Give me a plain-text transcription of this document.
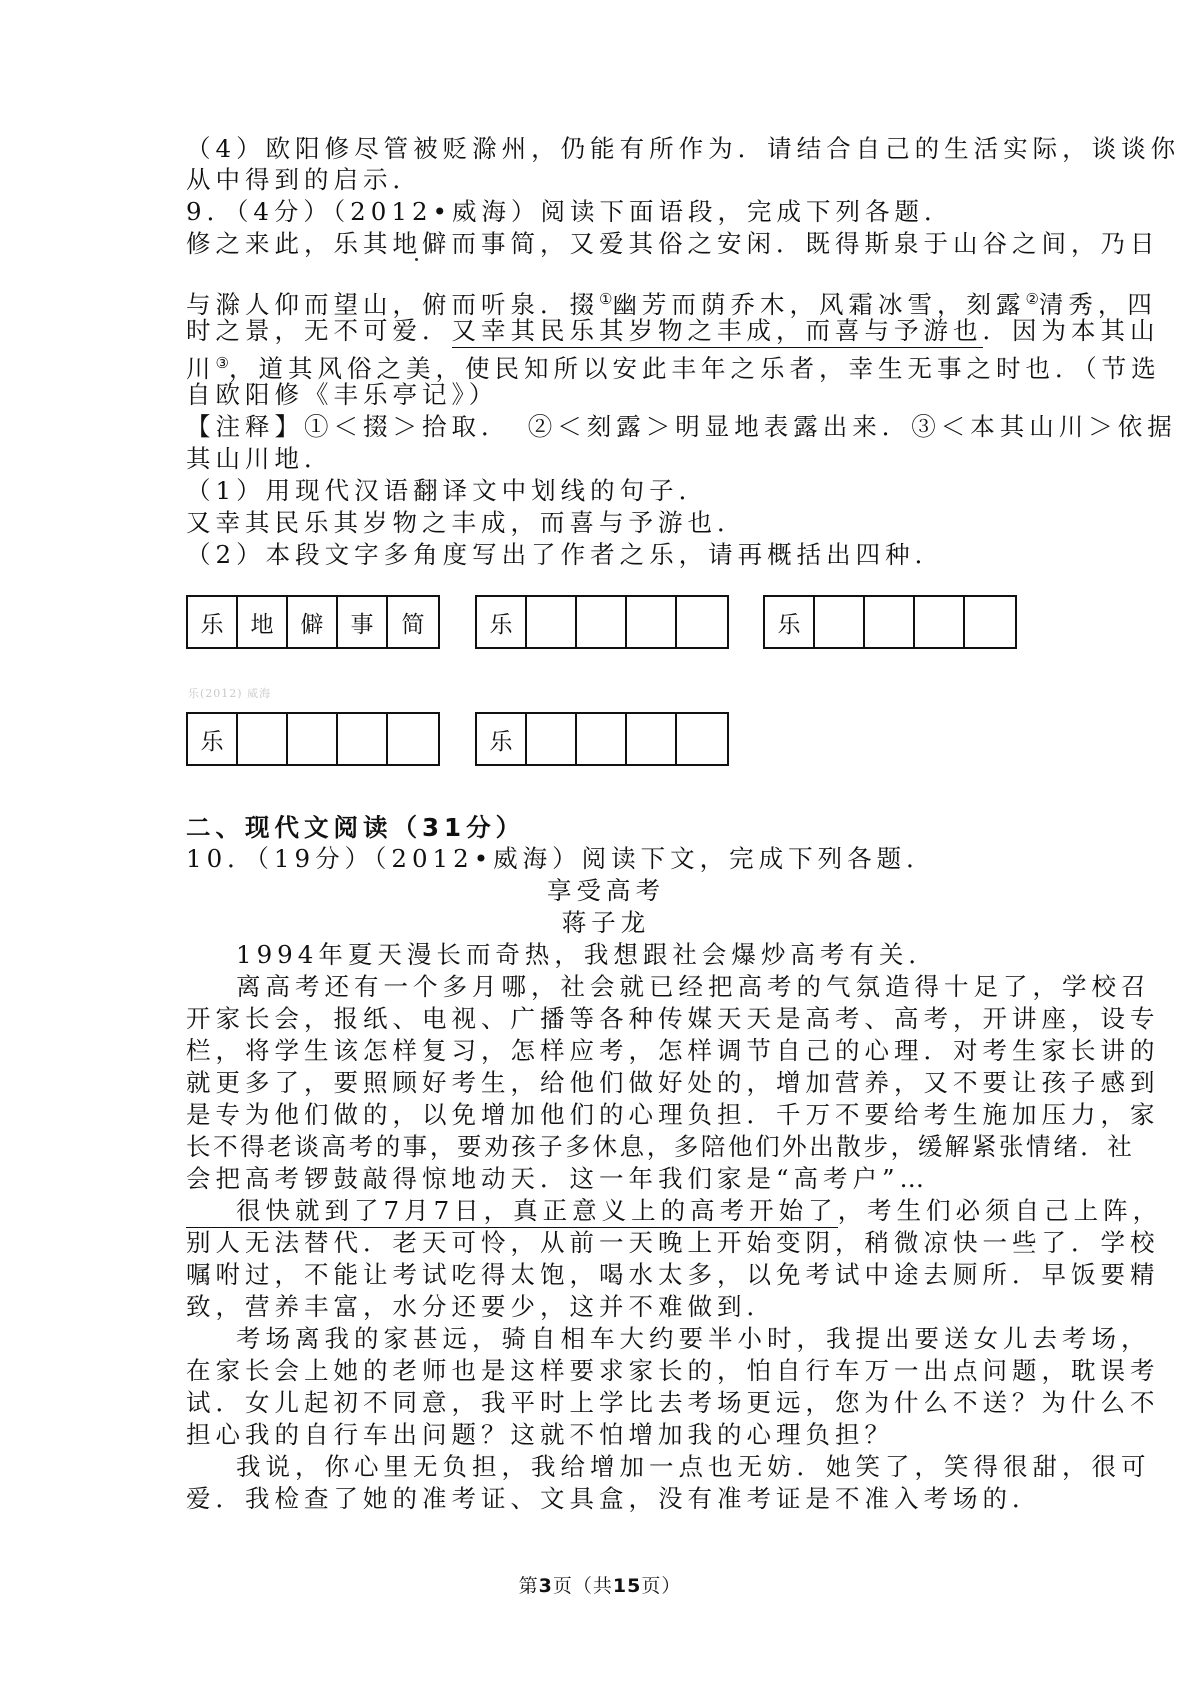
（4）欧阳修尽管被贬滁州，仍能有所作为．请结合自己的生活实际，谈谈你
从中得到的启示．
9．（4分）（2012•威海）阅读下面语段，完成下列各题．
修之来此，乐其地僻而事简，又爱其俗之安闲．既得斯泉于山谷之间，乃日
与滁人仰而望山，俯而听泉．掇①幽芳而荫乔木，风霜冰雪，刻露②清秀，四
时之景，无不可爱．又幸其民乐其岁物之丰成，而喜与予游也．因为本其山
川③，道其风俗之美，使民知所以安此丰年之乐者，幸生无事之时也．（节选
自欧阳修《丰乐亭记》）
【注释】①＜掇＞拾取．　②＜刻露＞明显地表露出来．③＜本其山川＞依据
其山川地．
（1）用现代汉语翻译文中划线的句子．
又幸其民乐其岁物之丰成，而喜与予游也．
（2）本段文字多角度写出了作者之乐，请再概括出四种．
乐	地	僻	事	简	乐	乐
乐(2012) 威海
乐	乐
二、现代文阅读（31分）
10．（19分）（2012•威海）阅读下文，完成下列各题．
享受高考
蒋子龙
1994年夏天漫长而奇热，我想跟社会爆炒高考有关．
离高考还有一个多月哪，社会就已经把高考的气氛造得十足了，学校召
开家长会，报纸、电视、广播等各种传媒天天是高考、高考，开讲座，设专
栏，将学生该怎样复习，怎样应考，怎样调节自己的心理．对考生家长讲的
就更多了，要照顾好考生，给他们做好处的，增加营养，又不要让孩子感到
是专为他们做的，以免增加他们的心理负担．千万不要给考生施加压力，家
长不得老谈高考的事，要劝孩子多休息，多陪他们外出散步，缓解紧张情绪．社
会把高考锣鼓敲得惊地动天．这一年我们家是“高考户”…
很快就到了7月7日，真正意义上的高考开始了，考生们必须自己上阵，
别人无法替代．老天可怜，从前一天晚上开始变阴，稍微凉快一些了．学校
嘱咐过，不能让考试吃得太饱，喝水太多，以免考试中途去厕所．早饭要精
致，营养丰富，水分还要少，这并不难做到．
考场离我的家甚远，骑自相车大约要半小时，我提出要送女儿去考场，
在家长会上她的老师也是这样要求家长的，怕自行车万一出点问题，耽误考
试．女儿起初不同意，我平时上学比去考场更远，您为什么不送？为什么不
担心我的自行车出问题？这就不怕增加我的心理负担？
我说，你心里无负担，我给增加一点也无妨．她笑了，笑得很甜，很可
爱．我检查了她的准考证、文具盒，没有准考证是不准入考场的．
第3页（共15页）
